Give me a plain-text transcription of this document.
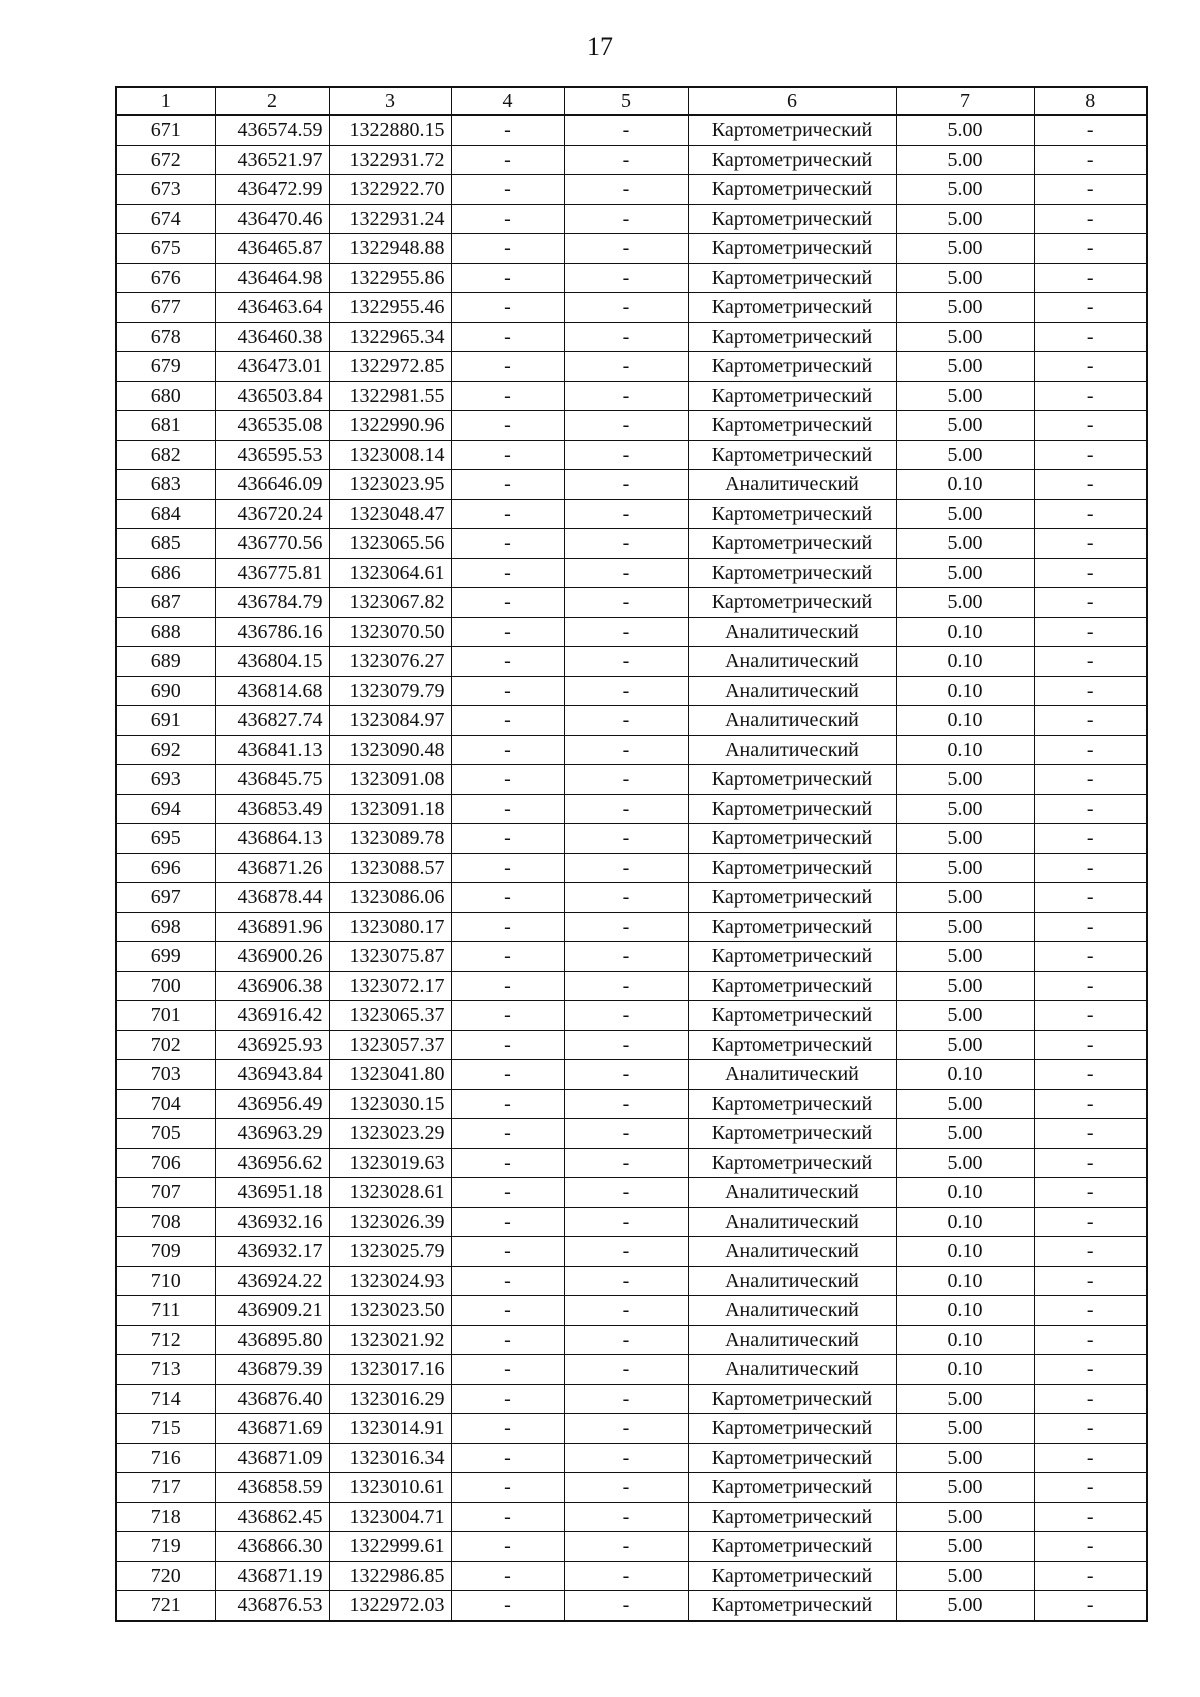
17
1	2	3	4	5	6	7	8
671	436574.59	1322880.15	-	-	Картометрический	5.00	-
672	436521.97	1322931.72	-	-	Картометрический	5.00	-
673	436472.99	1322922.70	-	-	Картометрический	5.00	-
674	436470.46	1322931.24	-	-	Картометрический	5.00	-
675	436465.87	1322948.88	-	-	Картометрический	5.00	-
676	436464.98	1322955.86	-	-	Картометрический	5.00	-
677	436463.64	1322955.46	-	-	Картометрический	5.00	-
678	436460.38	1322965.34	-	-	Картометрический	5.00	-
679	436473.01	1322972.85	-	-	Картометрический	5.00	-
680	436503.84	1322981.55	-	-	Картометрический	5.00	-
681	436535.08	1322990.96	-	-	Картометрический	5.00	-
682	436595.53	1323008.14	-	-	Картометрический	5.00	-
683	436646.09	1323023.95	-	-	Аналитический	0.10	-
684	436720.24	1323048.47	-	-	Картометрический	5.00	-
685	436770.56	1323065.56	-	-	Картометрический	5.00	-
686	436775.81	1323064.61	-	-	Картометрический	5.00	-
687	436784.79	1323067.82	-	-	Картометрический	5.00	-
688	436786.16	1323070.50	-	-	Аналитический	0.10	-
689	436804.15	1323076.27	-	-	Аналитический	0.10	-
690	436814.68	1323079.79	-	-	Аналитический	0.10	-
691	436827.74	1323084.97	-	-	Аналитический	0.10	-
692	436841.13	1323090.48	-	-	Аналитический	0.10	-
693	436845.75	1323091.08	-	-	Картометрический	5.00	-
694	436853.49	1323091.18	-	-	Картометрический	5.00	-
695	436864.13	1323089.78	-	-	Картометрический	5.00	-
696	436871.26	1323088.57	-	-	Картометрический	5.00	-
697	436878.44	1323086.06	-	-	Картометрический	5.00	-
698	436891.96	1323080.17	-	-	Картометрический	5.00	-
699	436900.26	1323075.87	-	-	Картометрический	5.00	-
700	436906.38	1323072.17	-	-	Картометрический	5.00	-
701	436916.42	1323065.37	-	-	Картометрический	5.00	-
702	436925.93	1323057.37	-	-	Картометрический	5.00	-
703	436943.84	1323041.80	-	-	Аналитический	0.10	-
704	436956.49	1323030.15	-	-	Картометрический	5.00	-
705	436963.29	1323023.29	-	-	Картометрический	5.00	-
706	436956.62	1323019.63	-	-	Картометрический	5.00	-
707	436951.18	1323028.61	-	-	Аналитический	0.10	-
708	436932.16	1323026.39	-	-	Аналитический	0.10	-
709	436932.17	1323025.79	-	-	Аналитический	0.10	-
710	436924.22	1323024.93	-	-	Аналитический	0.10	-
711	436909.21	1323023.50	-	-	Аналитический	0.10	-
712	436895.80	1323021.92	-	-	Аналитический	0.10	-
713	436879.39	1323017.16	-	-	Аналитический	0.10	-
714	436876.40	1323016.29	-	-	Картометрический	5.00	-
715	436871.69	1323014.91	-	-	Картометрический	5.00	-
716	436871.09	1323016.34	-	-	Картометрический	5.00	-
717	436858.59	1323010.61	-	-	Картометрический	5.00	-
718	436862.45	1323004.71	-	-	Картометрический	5.00	-
719	436866.30	1322999.61	-	-	Картометрический	5.00	-
720	436871.19	1322986.85	-	-	Картометрический	5.00	-
721	436876.53	1322972.03	-	-	Картометрический	5.00	-
